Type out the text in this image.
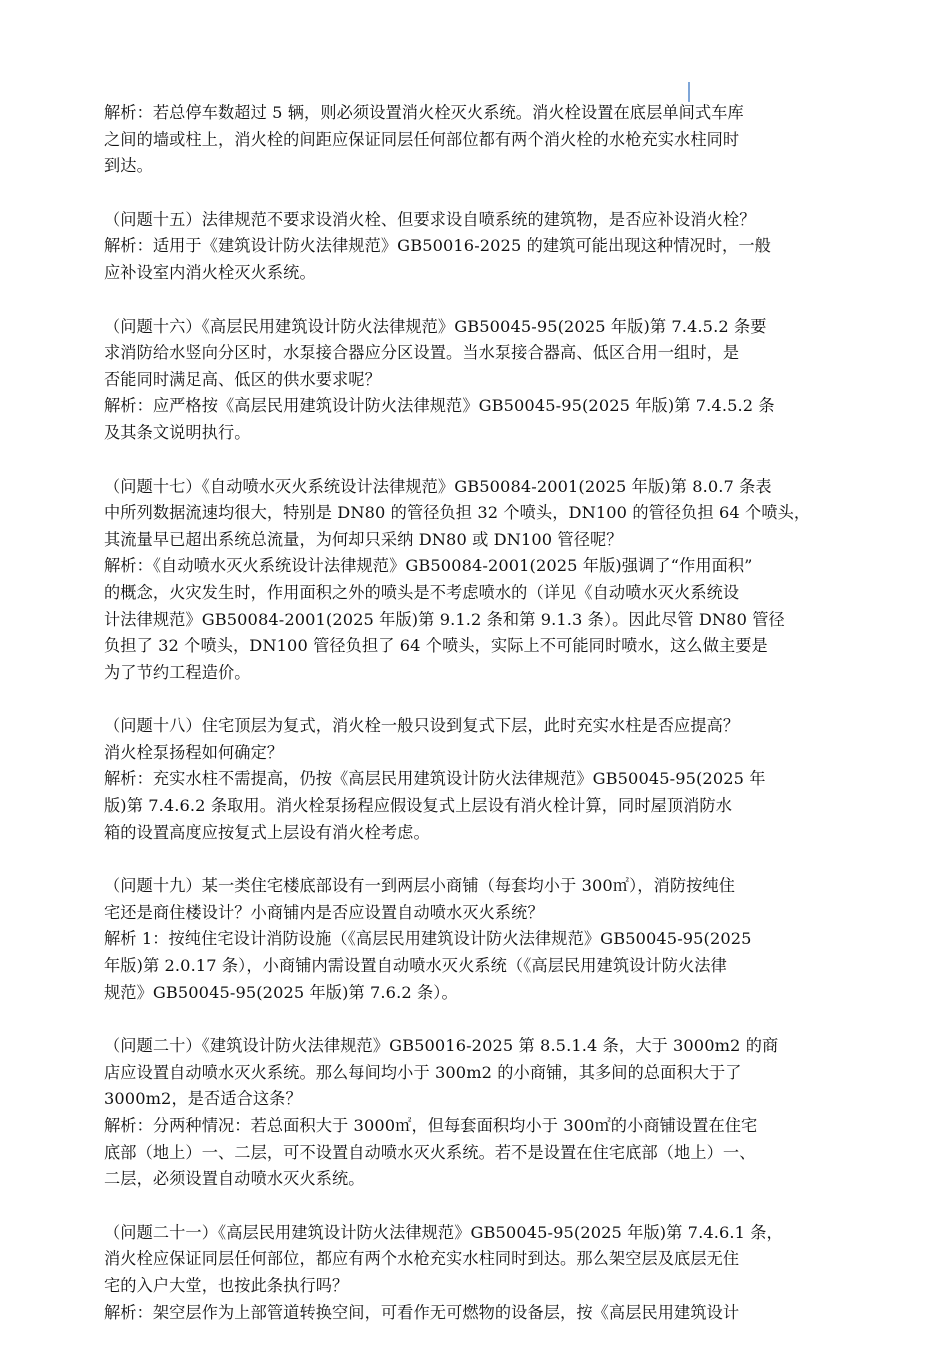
解析：若总停车数超过 5 辆，则必须设置消火栓灭火系统。消火栓设置在底层单间式车库
之间的墙或柱上，消火栓的间距应保证同层任何部位都有两个消火栓的水枪充实水柱同时
到达。
（问题十五）法律规范不要求设消火栓、但要求设自喷系统的建筑物，是否应补设消火栓？
解析：适用于《建筑设计防火法律规范》GB50016-2025 的建筑可能出现这种情况时，一般
应补设室内消火栓灭火系统。
（问题十六）《高层民用建筑设计防火法律规范》GB50045-95(2025 年版)第 7.4.5.2 条要
求消防给水竖向分区时，水泵接合器应分区设置。当水泵接合器高、低区合用一组时，是
否能同时满足高、低区的供水要求呢？
解析：应严格按《高层民用建筑设计防火法律规范》GB50045-95(2025 年版)第 7.4.5.2 条
及其条文说明执行。
（问题十七）《自动喷水灭火系统设计法律规范》GB50084-2001(2025 年版)第 8.0.7 条表
中所列数据流速均很大，特别是 DN80 的管径负担 32 个喷头，DN100 的管径负担 64 个喷头，
其流量早已超出系统总流量，为何却只采纳 DN80 或 DN100 管径呢？
解析：《自动喷水灭火系统设计法律规范》GB50084-2001(2025 年版)强调了“作用面积”
的概念，火灾发生时，作用面积之外的喷头是不考虑喷水的（详见《自动喷水灭火系统设
计法律规范》GB50084-2001(2025 年版)第 9.1.2 条和第 9.1.3 条）。因此尽管 DN80 管径
负担了 32 个喷头，DN100 管径负担了 64 个喷头，实际上不可能同时喷水，这么做主要是
为了节约工程造价。
（问题十八）住宅顶层为复式，消火栓一般只设到复式下层，此时充实水柱是否应提高？
消火栓泵扬程如何确定？
解析：充实水柱不需提高，仍按《高层民用建筑设计防火法律规范》GB50045-95(2025 年
版)第 7.4.6.2 条取用。消火栓泵扬程应假设复式上层设有消火栓计算，同时屋顶消防水
箱的设置高度应按复式上层设有消火栓考虑。
（问题十九）某一类住宅楼底部设有一到两层小商铺（每套均小于 300㎡），消防按纯住
宅还是商住楼设计？小商铺内是否应设置自动喷水灭火系统？
解析 1：按纯住宅设计消防设施（《高层民用建筑设计防火法律规范》GB50045-95(2025
年版)第 2.0.17 条），小商铺内需设置自动喷水灭火系统（《高层民用建筑设计防火法律
规范》GB50045-95(2025 年版)第 7.6.2 条）。
（问题二十）《建筑设计防火法律规范》GB50016-2025 第 8.5.1.4 条，大于 3000m2 的商
店应设置自动喷水灭火系统。那么每间均小于 300m2 的小商铺，其多间的总面积大于了
3000m2，是否适合这条？
解析：分两种情况：若总面积大于 3000㎡，但每套面积均小于 300㎡的小商铺设置在住宅
底部（地上）一、二层，可不设置自动喷水灭火系统。若不是设置在住宅底部（地上）一、
二层，必须设置自动喷水灭火系统。
（问题二十一）《高层民用建筑设计防火法律规范》GB50045-95(2025 年版)第 7.4.6.1 条，
消火栓应保证同层任何部位，都应有两个水枪充实水柱同时到达。那么架空层及底层无住
宅的入户大堂，也按此条执行吗？
解析：架空层作为上部管道转换空间，可看作无可燃物的设备层，按《高层民用建筑设计
